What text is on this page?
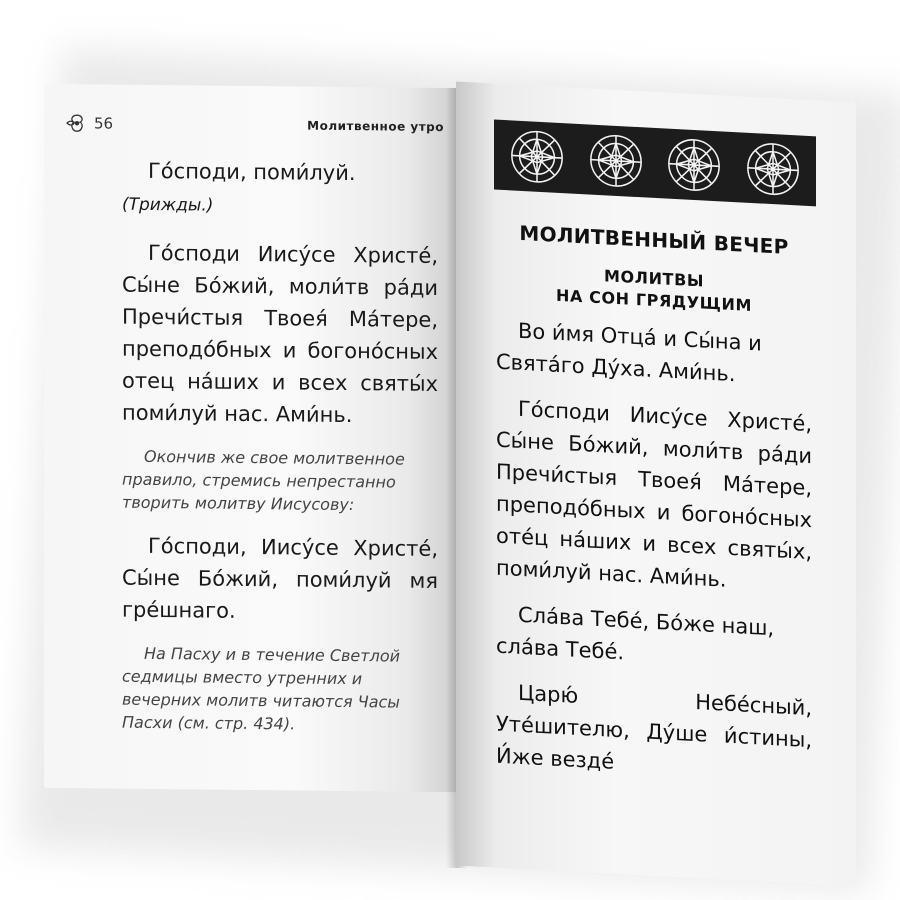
56	Молитвенное утро

Го́споди, поми́луй. (Трижды.)

Го́споди Иису́се Христе́, Сы́не Бо́жий, моли́тв ра́ди Пречи́стыя Твоея́ Ма́тере, преподо́бных и богоно́сных отец на́ших и всех святы́х поми́луй нас. Ами́нь.

Окончив же свое молитвенное правило, стремись непрестанно творить молитву Иисусову:

Го́споди, Иису́се Христе́, Сы́не Бо́жий, поми́луй мя гре́шнаго.

На Пасху и в течение Светлой седмицы вместо утренних и вечерних молитв читаются Часы Пасхи (см. стр. 434).

МОЛИТВЕННЫЙ ВЕЧЕР
МОЛИТВЫ
НА СОН ГРЯДУЩИМ

Во и́мя Отца́ и Сы́на и Свята́го Ду́ха. Ами́нь.

Го́споди Иису́се Христе́, Сы́не Бо́жий, моли́тв ра́ди Пречи́стыя Твоея́ Ма́тере, преподо́бных и богоно́сных оте́ц на́ших и всех святы́х, поми́луй нас. Ами́нь.

Сла́ва Тебе́, Бо́же наш, сла́ва Тебе́.

Царю́ Небе́сный, Уте́шителю, Ду́ше и́стины, И́же везде́
